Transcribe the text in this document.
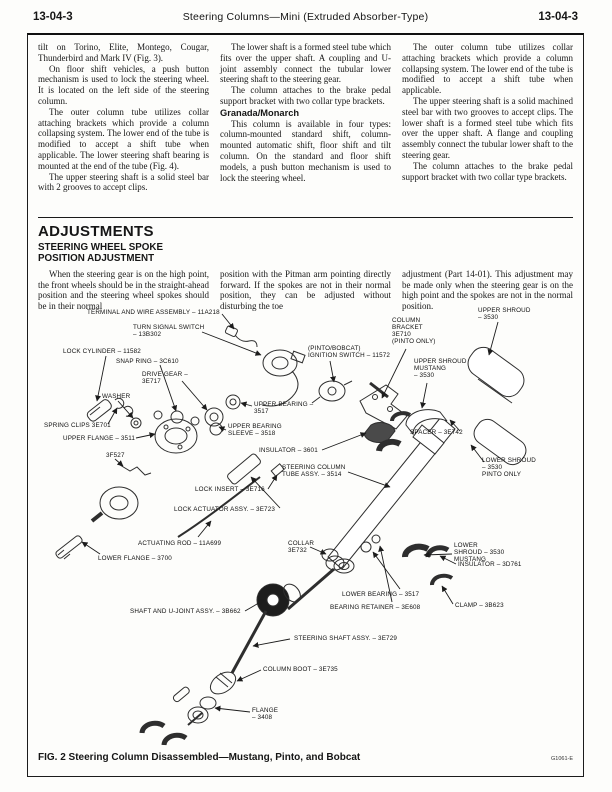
13-04-3	Steering Columns—Mini (Extruded Absorber-Type)	13-04-3

tilt on Torino, Elite, Montego, Cougar, Thunderbird and Mark IV (Fig. 3).

On floor shift vehicles, a push button mechanism is used to lock the steering wheel. It is located on the left side of the steering column.

The outer column tube utilizes collar attaching brackets which provide a column collapsing system. The lower end of the tube is modified to accept a shift tube when applicable. The lower steering shaft bearing is mounted at the end of the tube (Fig. 4).

The upper steering shaft is a solid steel bar with 2 grooves to accept clips.

The lower shaft is a formed steel tube which fits over the upper shaft. A coupling and U-joint assembly connect the tubular lower steering shaft to the steering gear.

The column attaches to the brake pedal support bracket with two collar type brackets.

Granada/Monarch

This column is available in four types: column-mounted standard shift, column-mounted automatic shift, floor shift and tilt column. On the standard and floor shift models, a push button mechanism is used to lock the steering wheel.

The outer column tube utilizes collar attaching brackets which provide a column collapsing system. The lower end of the tube is modified to accept a shift tube when applicable.

The upper steering shaft is a solid machined steel bar with two grooves to accept clips. The lower shaft is a formed steel tube which fits over the upper shaft. A flange and coupling assembly connect the tubular lower shaft to the steering gear.

The column attaches to the brake pedal support bracket with two collar type brackets.

ADJUSTMENTS
STEERING WHEEL SPOKE
POSITION ADJUSTMENT

When the steering gear is on the high point, the front wheels should be in the straight-ahead position and the steering wheel spokes should be in their normal

position with the Pitman arm pointing directly forward. If the spokes are not in their normal position, they can be adjusted without disturbing the toe

adjustment (Part 14-01). This adjustment may be made only when the steering gear is on the high point and the spokes are not in the normal position.

TERMINAL AND WIRE ASSEMBLY – 11A218
TURN SIGNAL SWITCH
– 13B302
LOCK CYLINDER – 11582
SNAP RING – 3C610
DRIVE GEAR –
3E717
WASHER
SPRING CLIPS 3E701
UPPER FLANGE – 3511
3F527
(PINTO/BOBCAT)
IGNITION SWITCH – 11572
COLUMN
BRACKET
3E710
(PINTO ONLY)
UPPER SHROUD
– 3530
UPPER SHROUD
MUSTANG
– 3530
SPACER – 3E742
UPPER BEARING –
3517
UPPER BEARING
SLEEVE – 3518
INSULATOR – 3601
STEERING COLUMN
TUBE ASSY. – 3514
LOCK INSERT – 3E716
LOCK ACTUATOR ASSY. – 3E723
LOWER SHROUD
– 3530
PINTO ONLY
COLLAR
3E732
LOWER
SHROUD – 3530
MUSTANG
ACTUATING ROD – 11A699
LOWER FLANGE – 3700
INSULATOR – 3D761
LOWER BEARING – 3517
BEARING RETAINER – 3E608	CLAMP – 3B623
SHAFT AND U-JOINT ASSY. – 3B662
STEERING SHAFT ASSY. – 3E729
COLUMN BOOT – 3E735
FLANGE
– 3408
FIG. 2 Steering Column Disassembled—Mustang, Pinto, and Bobcat	G1061-E
